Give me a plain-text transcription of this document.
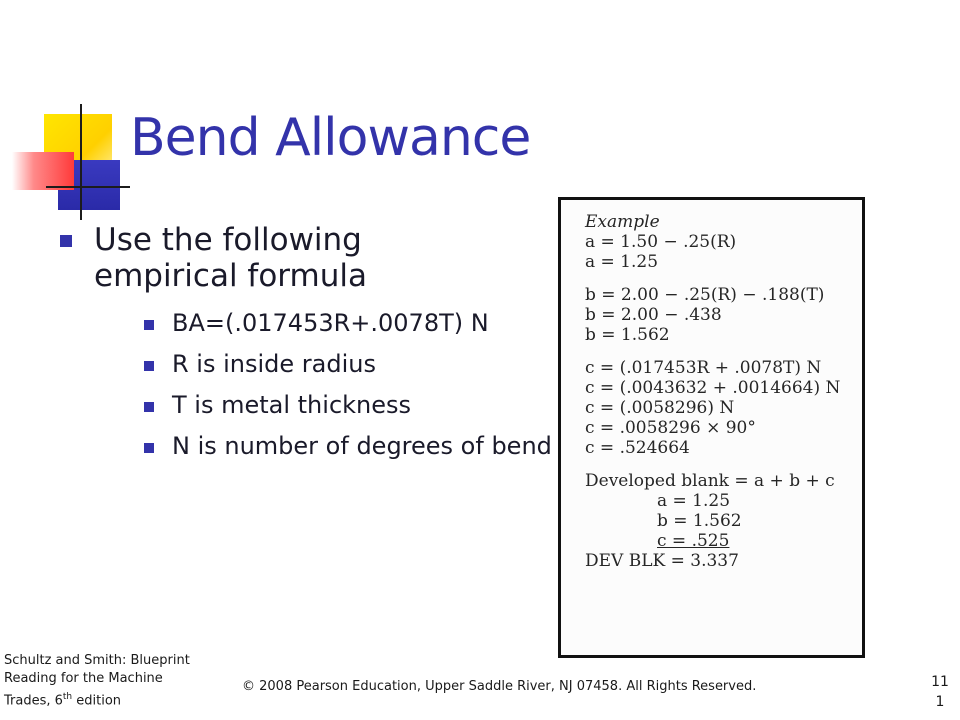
Bend Allowance
Use the following empirical formula
BA=(.017453R+.0078T) N
R is inside radius
T is metal thickness
N is number of degrees of bend
Example
a = 1.50 − .25(R)
a = 1.25
b = 2.00 − .25(R) − .188(T)
b = 2.00 − .438
b = 1.562
c = (.017453R + .0078T) N
c = (.0043632 + .0014664) N
c = (.0058296) N
c = .0058296 × 90°
c = .524664
Developed blank = a + b + c
a = 1.25
b = 1.562
c = .525
DEV BLK = 3.337
Schultz and Smith: Blueprint
Reading for the Machine
Trades, 6th edition
© 2008 Pearson Education, Upper Saddle River, NJ 07458. All Rights Reserved.	111
